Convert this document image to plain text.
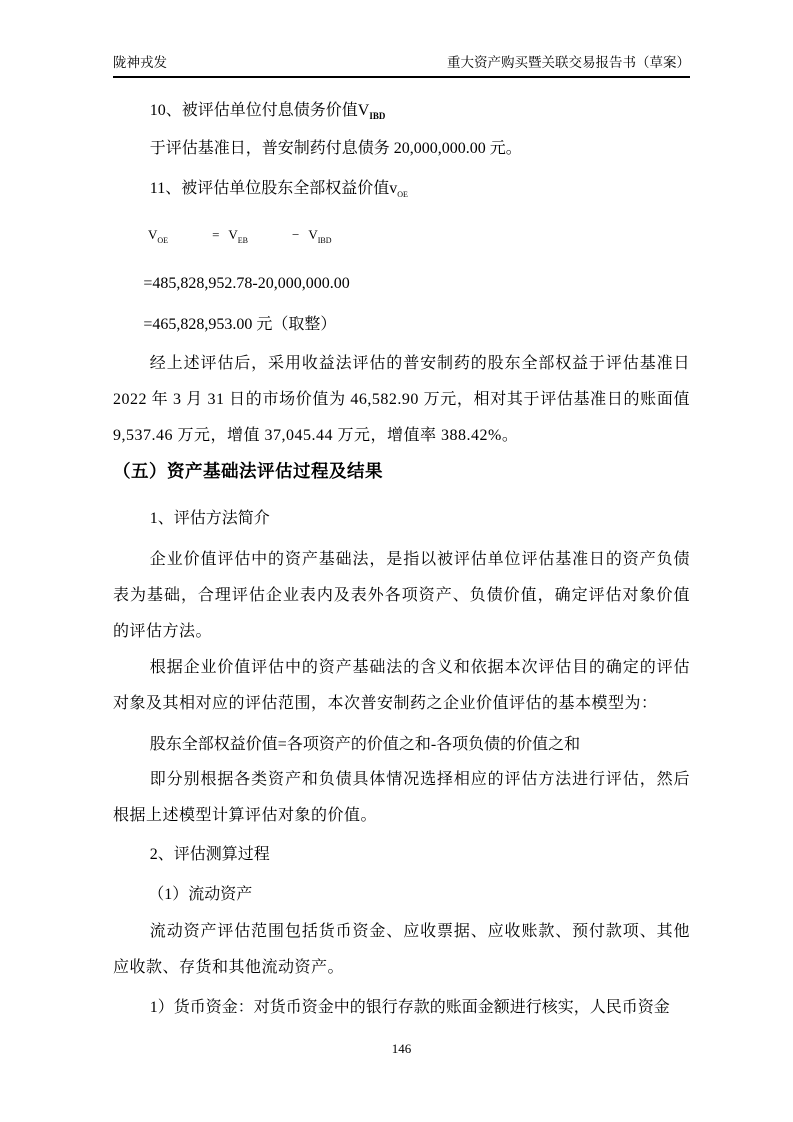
陇神戎发	重大资产购买暨关联交易报告书（草案）

10、被评估单位付息债务价值$V_{IBD}$

于评估基准日，普安制药付息债务 20,000,000.00 元。

11、被评估单位股东全部权益价值$v_{OE}$

$V_{OE}$	= $V_{EB}$	− $V_{IBD}$

=485,828,952.78-20,000,000.00

=465,828,953.00 元（取整）

经上述评估后，采用收益法评估的普安制药的股东全部权益于评估基准日 2022 年 3 月 31 日的市场价值为 46,582.90 万元，相对其于评估基准日的账面值 9,537.46 万元，增值 37,045.44 万元，增值率 388.42%。

（五）资产基础法评估过程及结果

1、评估方法简介

企业价值评估中的资产基础法，是指以被评估单位评估基准日的资产负债表为基础，合理评估企业表内及表外各项资产、负债价值，确定评估对象价值的评估方法。

根据企业价值评估中的资产基础法的含义和依据本次评估目的确定的评估对象及其相对应的评估范围，本次普安制药之企业价值评估的基本模型为：

股东全部权益价值=各项资产的价值之和-各项负债的价值之和

即分别根据各类资产和负债具体情况选择相应的评估方法进行评估，然后根据上述模型计算评估对象的价值。

2、评估测算过程

（1）流动资产

流动资产评估范围包括货币资金、应收票据、应收账款、预付款项、其他应收款、存货和其他流动资产。

1）货币资金：对货币资金中的银行存款的账面金额进行核实，人民币资金

146
